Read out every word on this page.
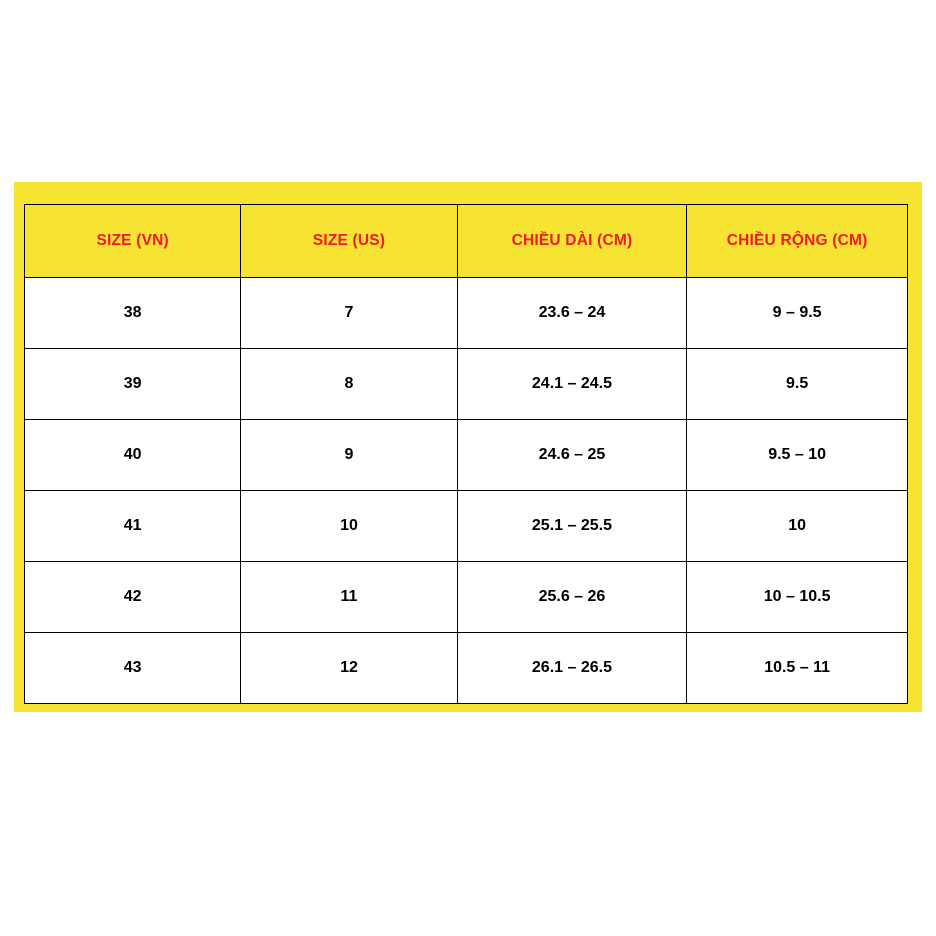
SIZE (VN)	SIZE (US)	CHIỀU DÀI (CM)	CHIỀU RỘNG (CM)
38	7	23.6 – 24	9 – 9.5
39	8	24.1 – 24.5	9.5
40	9	24.6 – 25	9.5 – 10
41	10	25.1 – 25.5	10
42	11	25.6 – 26	10 – 10.5
43	12	26.1 – 26.5	10.5 – 11
